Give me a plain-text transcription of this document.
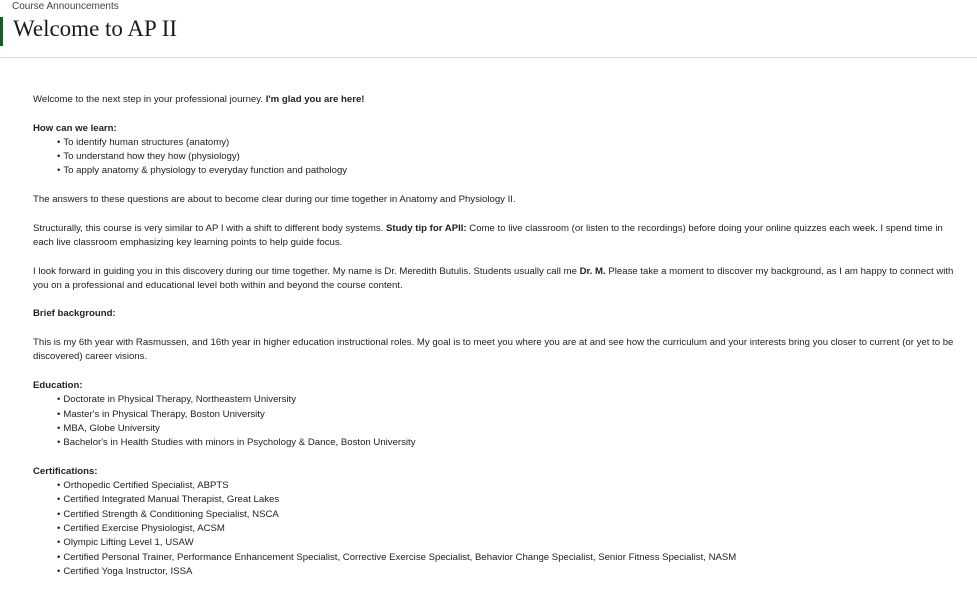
Course Announcements
Welcome to AP II

Welcome to the next step in your professional journey. I'm glad you are here!

How can we learn:

• To identify human structures (anatomy)
• To understand how they how (physiology)
• To apply anatomy & physiology to everyday function and pathology

The answers to these questions are about to become clear during our time together in Anatomy and Physiology II.

Structurally, this course is very similar to AP I with a shift to different body systems. Study tip for APII: Come to live classroom (or listen to the recordings) before doing your online quizzes each week. I spend time in each live classroom emphasizing key learning points to help guide focus.

I look forward in guiding you in this discovery during our time together. My name is Dr. Meredith Butulis. Students usually call me Dr. M. Please take a moment to discover my background, as I am happy to connect with you on a professional and educational level both within and beyond the course content.

Brief background:

This is my 6th year with Rasmussen, and 16th year in higher education instructional roles. My goal is to meet you where you are at and see how the curriculum and your interests bring you closer to current (or yet to be discovered) career visions.

Education:

• Doctorate in Physical Therapy, Northeastern University
• Master's in Physical Therapy, Boston University
• MBA, Globe University
• Bachelor's in Health Studies with minors in Psychology & Dance, Boston University

Certifications:

• Orthopedic Certified Specialist, ABPTS
• Certified Integrated Manual Therapist, Great Lakes
• Certified Strength & Conditioning Specialist, NSCA
• Certified Exercise Physiologist, ACSM
• Olympic Lifting Level 1, USAW
• Certified Personal Trainer, Performance Enhancement Specialist, Corrective Exercise Specialist, Behavior Change Specialist, Senior Fitness Specialist, NASM
• Certified Yoga Instructor, ISSA
